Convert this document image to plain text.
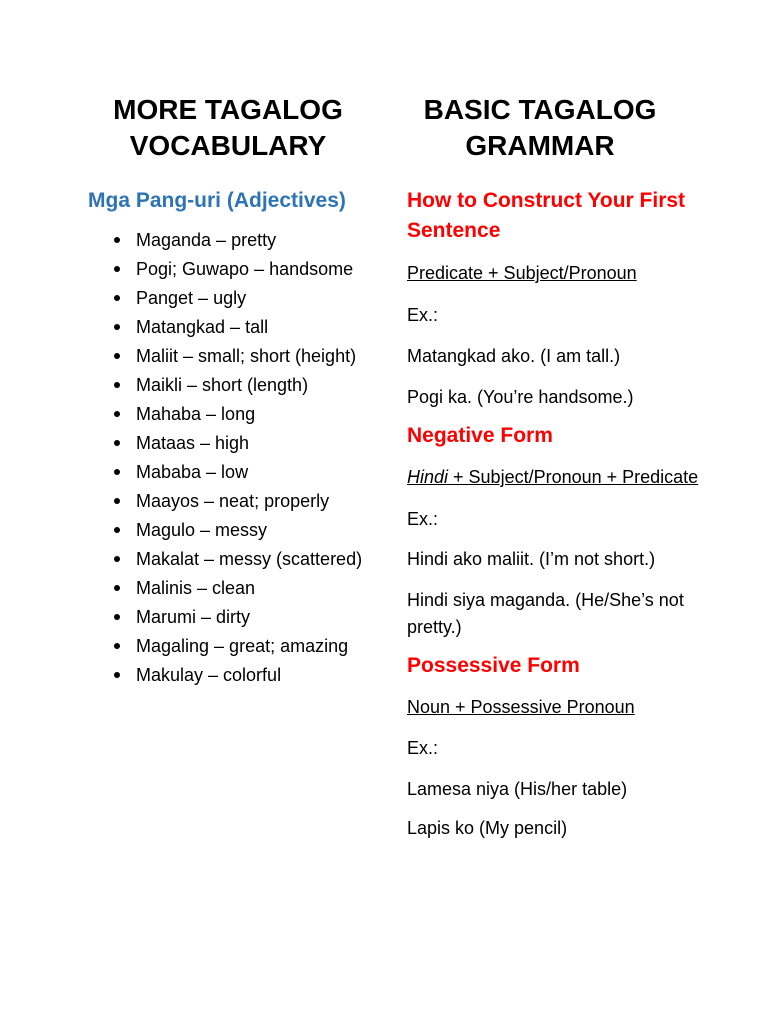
MORE TAGALOG
VOCABULARY
Mga Pang-uri (Adjectives)
Maganda – pretty
Pogi; Guwapo – handsome
Panget – ugly
Matangkad – tall
Maliit – small; short (height)
Maikli – short (length)
Mahaba – long
Mataas – high
Mababa – low
Maayos – neat; properly
Magulo – messy
Makalat – messy (scattered)
Malinis – clean
Marumi – dirty
Magaling – great; amazing
Makulay – colorful
BASIC TAGALOG
GRAMMAR
How to Construct Your First Sentence

Predicate + Subject/Pronoun

Ex.:

Matangkad ako. (I am tall.)

Pogi ka. (You’re handsome.)

Negative Form

Hindi + Subject/Pronoun + Predicate

Ex.:

Hindi ako maliit. (I’m not short.)

Hindi siya maganda. (He/She’s not pretty.)

Possessive Form

Noun + Possessive Pronoun

Ex.:

Lamesa niya (His/her table)

Lapis ko (My pencil)
